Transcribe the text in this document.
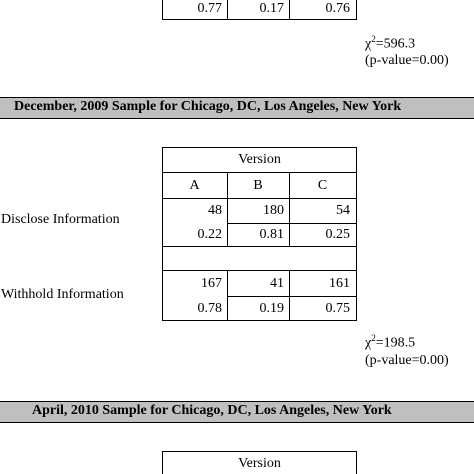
0.77	0.17	0.76
$\chi^2=596.3$
(p-value=0.00)
December, 2009 Sample for Chicago, DC, Los Angeles, New York
Version
A	B	C
Disclose Information
48	180	54
0.22	0.81	0.25
Withhold Information
167	41	161
0.78	0.19	0.75
$\chi^2=198.5$
(p-value=0.00)
April, 2010 Sample for Chicago, DC, Los Angeles, New York
Version
